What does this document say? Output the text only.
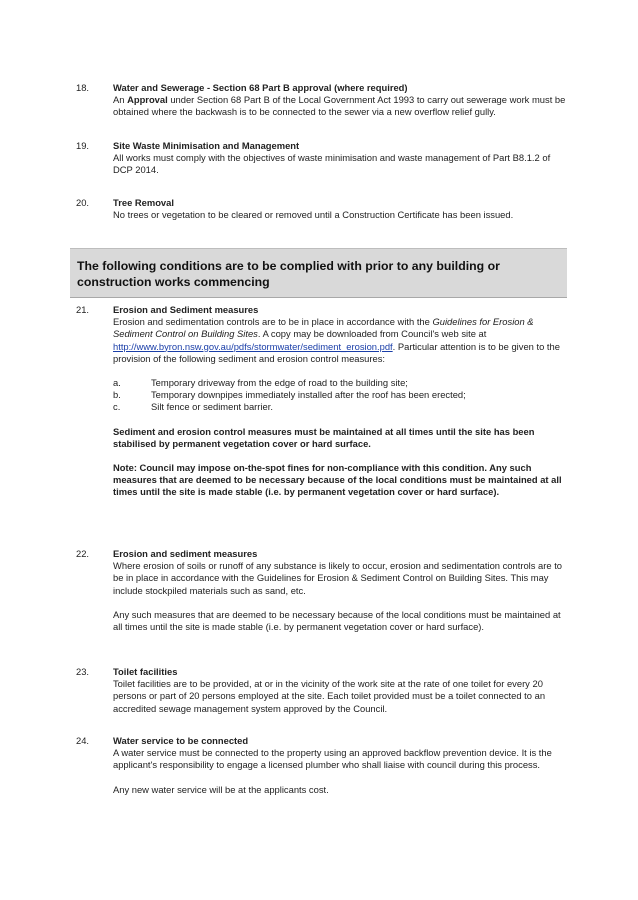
18.	Water and Sewerage - Section 68 Part B approval (where required)

An Approval under Section 68 Part B of the Local Government Act 1993 to carry out sewerage work must be obtained where the backwash is to be connected to the sewer via a new overflow relief gully.

19.	Site Waste Minimisation and Management

All works must comply with the objectives of waste minimisation and waste management of Part B8.1.2 of DCP 2014.

20.	Tree Removal

No trees or vegetation to be cleared or removed until a Construction Certificate has been issued.

The following conditions are to be complied with prior to any building or construction works commencing
21.	Erosion and Sediment measures

Erosion and sedimentation controls are to be in place in accordance with the Guidelines for Erosion & Sediment Control on Building Sites. A copy may be downloaded from Council's web site at http://www.byron.nsw.gov.au/pdfs/stormwater/sediment_erosion.pdf. Particular attention is to be given to the provision of the following sediment and erosion control measures:

a.	Temporary driveway from the edge of road to the building site;
b.	Temporary downpipes immediately installed after the roof has been erected;
c.	Silt fence or sediment barrier.

Sediment and erosion control measures must be maintained at all times until the site has been stabilised by permanent vegetation cover or hard surface.

Note: Council may impose on-the-spot fines for non-compliance with this condition. Any such measures that are deemed to be necessary because of the local conditions must be maintained at all times until the site is made stable (i.e. by permanent vegetation cover or hard surface).

22.	Erosion and sediment measures

Where erosion of soils or runoff of any substance is likely to occur, erosion and sedimentation controls are to be in place in accordance with the Guidelines for Erosion & Sediment Control on Building Sites. This may include stockpiled materials such as sand, etc.

Any such measures that are deemed to be necessary because of the local conditions must be maintained at all times until the site is made stable (i.e. by permanent vegetation cover or hard surface).

23.	Toilet facilities

Toilet facilities are to be provided, at or in the vicinity of the work site at the rate of one toilet for every 20 persons or part of 20 persons employed at the site. Each toilet provided must be a toilet connected to an accredited sewage management system approved by the Council.

24.	Water service to be connected

A water service must be connected to the property using an approved backflow prevention device. It is the applicant's responsibility to engage a licensed plumber who shall liaise with council during this process.

Any new water service will be at the applicants cost.
